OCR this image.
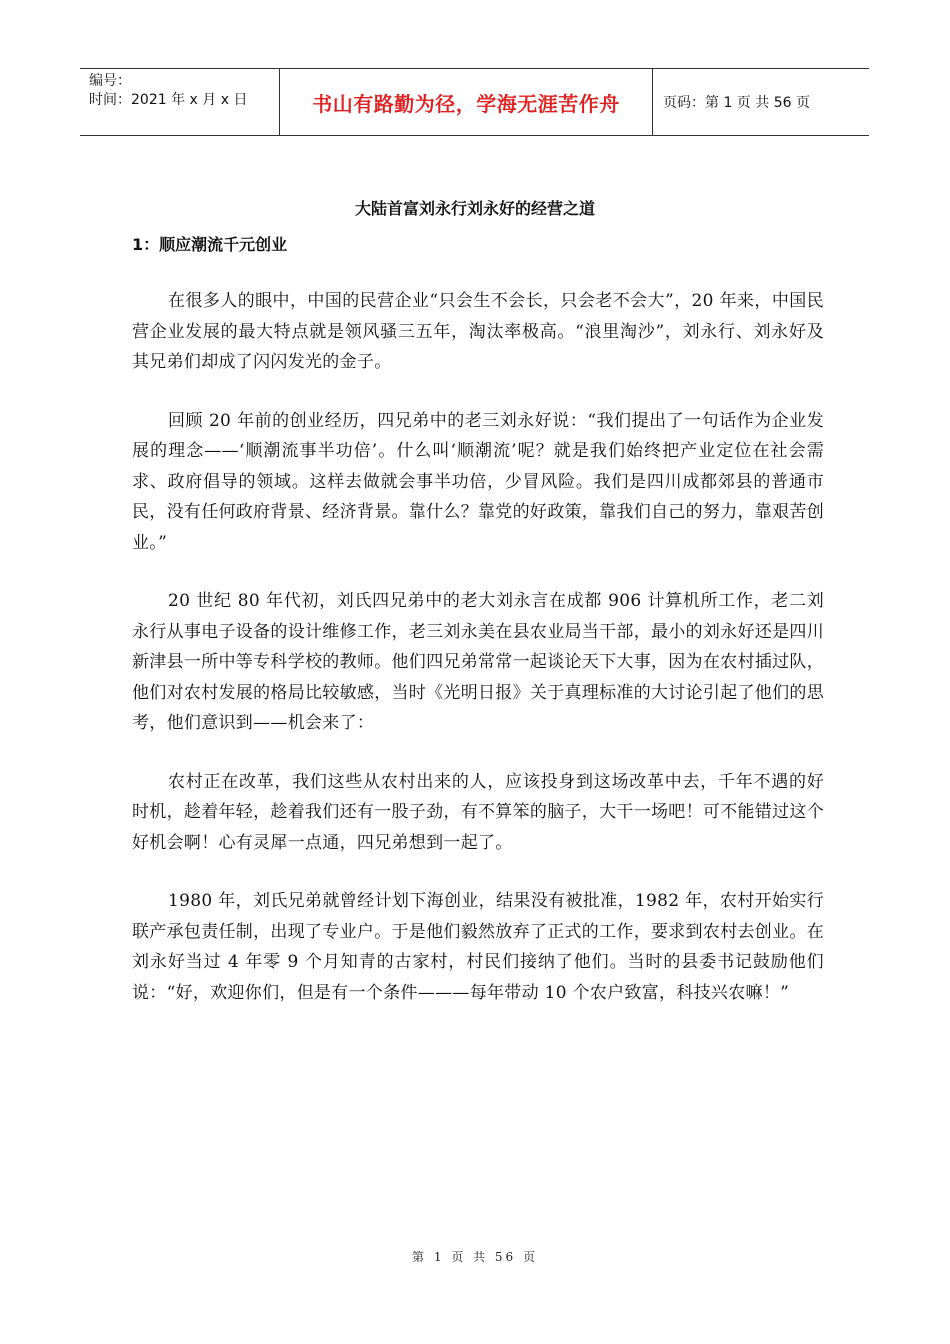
编号：
时间：2021 年 x 月 x 日	书山有路勤为径，学海无涯苦作舟	页码：第 1 页 共 56 页
大陆首富刘永行刘永好的经营之道
1：顺应潮流千元创业

在很多人的眼中，中国的民营企业“只会生不会长，只会老不会大”，20 年来，中国民营企业发展的最大特点就是领风骚三五年，淘汰率极高。“浪里淘沙”，刘永行、刘永好及其兄弟们却成了闪闪发光的金子。

回顾 20 年前的创业经历，四兄弟中的老三刘永好说：“我们提出了一句话作为企业发展的理念——‘顺潮流事半功倍’。什么叫‘顺潮流’呢？就是我们始终把产业定位在社会需求、政府倡导的领域。这样去做就会事半功倍，少冒风险。我们是四川成都郊县的普通市民，没有任何政府背景、经济背景。靠什么？靠党的好政策，靠我们自己的努力，靠艰苦创业。”

20 世纪 80 年代初，刘氏四兄弟中的老大刘永言在成都 906 计算机所工作，老二刘永行从事电子设备的设计维修工作，老三刘永美在县农业局当干部，最小的刘永好还是四川新津县一所中等专科学校的教师。他们四兄弟常常一起谈论天下大事，因为在农村插过队，他们对农村发展的格局比较敏感，当时《光明日报》关于真理标准的大讨论引起了他们的思考，他们意识到——机会来了：

农村正在改革，我们这些从农村出来的人，应该投身到这场改革中去，千年不遇的好时机，趁着年轻，趁着我们还有一股子劲，有不算笨的脑子，大干一场吧！可不能错过这个好机会啊！心有灵犀一点通，四兄弟想到一起了。

1980 年，刘氏兄弟就曾经计划下海创业，结果没有被批准，1982 年，农村开始实行联产承包责任制，出现了专业户。于是他们毅然放弃了正式的工作，要求到农村去创业。在刘永好当过 4 年零 9 个月知青的古家村，村民们接纳了他们。当时的县委书记鼓励他们说：“好，欢迎你们，但是有一个条件———每年带动 10 个农户致富，科技兴农嘛！”

第 1 页 共 56 页
